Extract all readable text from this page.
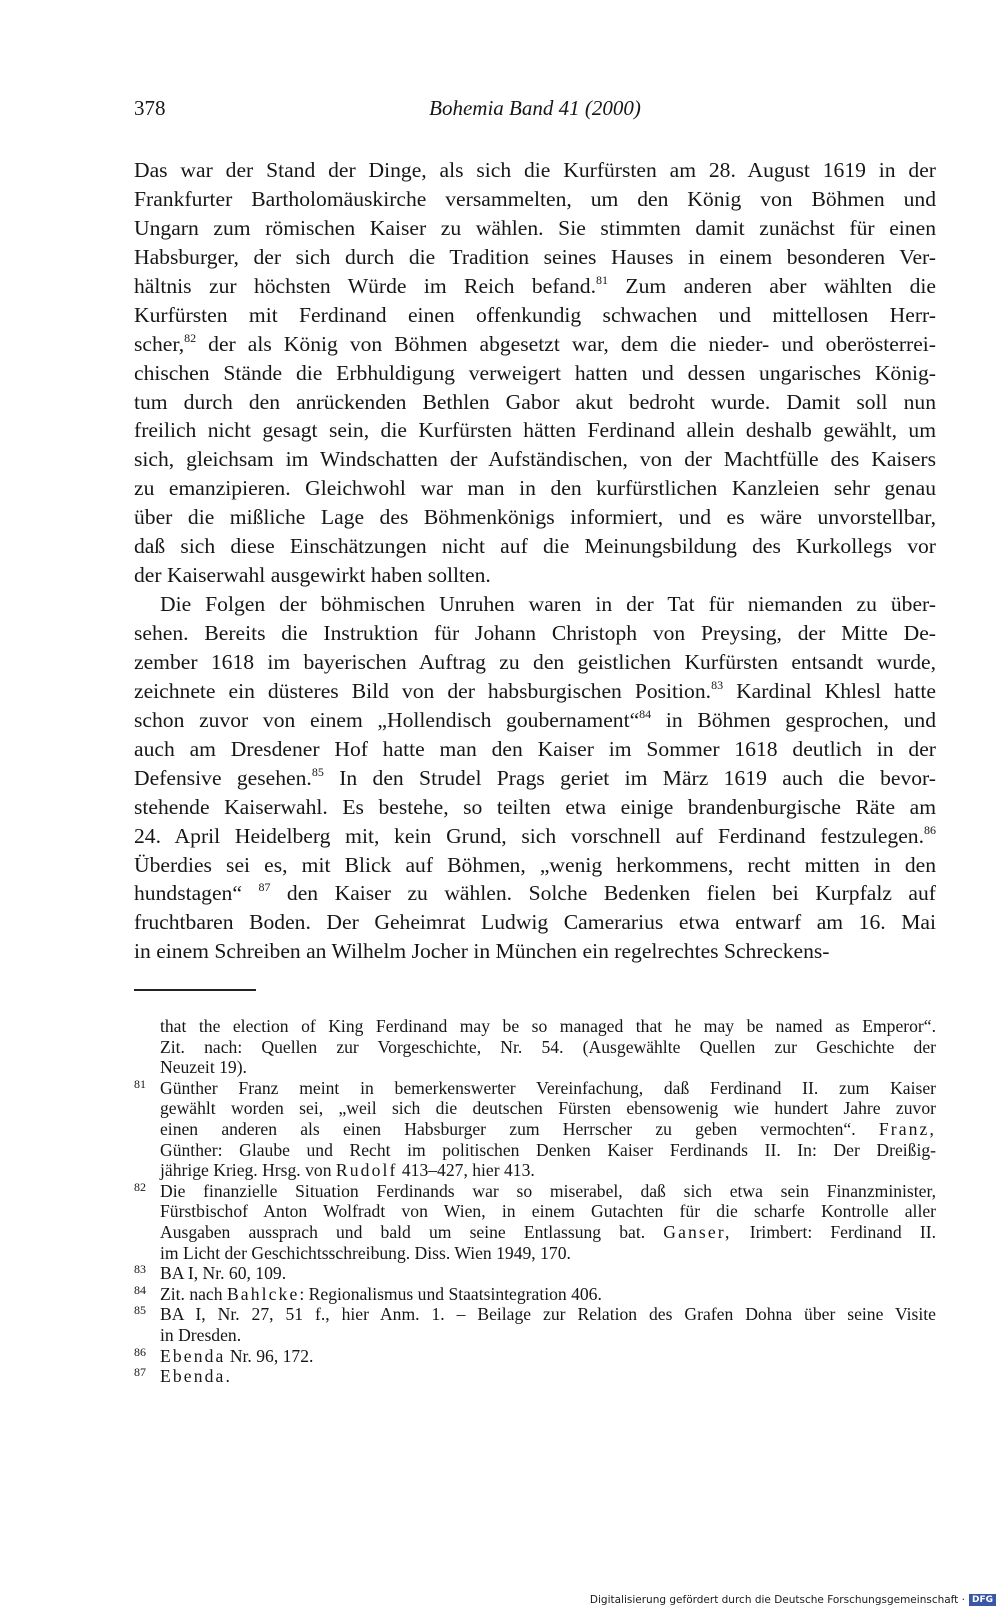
378	Bohemia Band 41 (2000)
Das war der Stand der Dinge, als sich die Kurfürsten am 28. August 1619 in der
Frankfurter Bartholomäuskirche versammelten, um den König von Böhmen und
Ungarn zum römischen Kaiser zu wählen. Sie stimmten damit zunächst für einen
Habsburger, der sich durch die Tradition seines Hauses in einem besonderen Ver-
hältnis zur höchsten Würde im Reich befand.$^{81}$ Zum anderen aber wählten die
Kurfürsten mit Ferdinand einen offenkundig schwachen und mittellosen Herr-
scher,$^{82}$ der als König von Böhmen abgesetzt war, dem die nieder- und oberösterrei-
chischen Stände die Erbhuldigung verweigert hatten und dessen ungarisches König-
tum durch den anrückenden Bethlen Gabor akut bedroht wurde. Damit soll nun
freilich nicht gesagt sein, die Kurfürsten hätten Ferdinand allein deshalb gewählt, um
sich, gleichsam im Windschatten der Aufständischen, von der Machtfülle des Kaisers
zu emanzipieren. Gleichwohl war man in den kurfürstlichen Kanzleien sehr genau
über die mißliche Lage des Böhmenkönigs informiert, und es wäre unvorstellbar,
daß sich diese Einschätzungen nicht auf die Meinungsbildung des Kurkollegs vor
der Kaiserwahl ausgewirkt haben sollten.
Die Folgen der böhmischen Unruhen waren in der Tat für niemanden zu über-
sehen. Bereits die Instruktion für Johann Christoph von Preysing, der Mitte De-
zember 1618 im bayerischen Auftrag zu den geistlichen Kurfürsten entsandt wurde,
zeichnete ein düsteres Bild von der habsburgischen Position.$^{83}$ Kardinal Khlesl hatte
schon zuvor von einem „Hollendisch goubernament“$^{84}$ in Böhmen gesprochen, und
auch am Dresdener Hof hatte man den Kaiser im Sommer 1618 deutlich in der
Defensive gesehen.$^{85}$ In den Strudel Prags geriet im März 1619 auch die bevor-
stehende Kaiserwahl. Es bestehe, so teilten etwa einige brandenburgische Räte am
24. April Heidelberg mit, kein Grund, sich vorschnell auf Ferdinand festzulegen.$^{86}$
Überdies sei es, mit Blick auf Böhmen, „wenig herkommens, recht mitten in den
hundstagen“ $^{87}$ den Kaiser zu wählen. Solche Bedenken fielen bei Kurpfalz auf
fruchtbaren Boden. Der Geheimrat Ludwig Camerarius etwa entwarf am 16. Mai
in einem Schreiben an Wilhelm Jocher in München ein regelrechtes Schreckens-
that the election of King Ferdinand may be so managed that he may be named as Emperor“.
Zit. nach: Quellen zur Vorgeschichte, Nr. 54. (Ausgewählte Quellen zur Geschichte der
Neuzeit 19).
81 Günther Franz meint in bemerkenswerter Vereinfachung, daß Ferdinand II. zum Kaiser
gewählt worden sei, „weil sich die deutschen Fürsten ebensowenig wie hundert Jahre zuvor
einen anderen als einen Habsburger zum Herrscher zu geben vermochten“. Franz,
Günther: Glaube und Recht im politischen Denken Kaiser Ferdinands II. In: Der Dreißig-
jährige Krieg. Hrsg. von Rudolf 413–427, hier 413.
82 Die finanzielle Situation Ferdinands war so miserabel, daß sich etwa sein Finanzminister,
Fürstbischof Anton Wolfradt von Wien, in einem Gutachten für die scharfe Kontrolle aller
Ausgaben aussprach und bald um seine Entlassung bat. Ganser, Irimbert: Ferdinand II.
im Licht der Geschichtsschreibung. Diss. Wien 1949, 170.
83 BA I, Nr. 60, 109.
84 Zit. nach Bahlcke: Regionalismus und Staatsintegration 406.
85 BA I, Nr. 27, 51 f., hier Anm. 1. – Beilage zur Relation des Grafen Dohna über seine Visite
in Dresden.
86 Ebenda Nr. 96, 172.
87 Ebenda.
Digitalisierung gefördert durch die Deutsche Forschungsgemeinschaft · DFG
